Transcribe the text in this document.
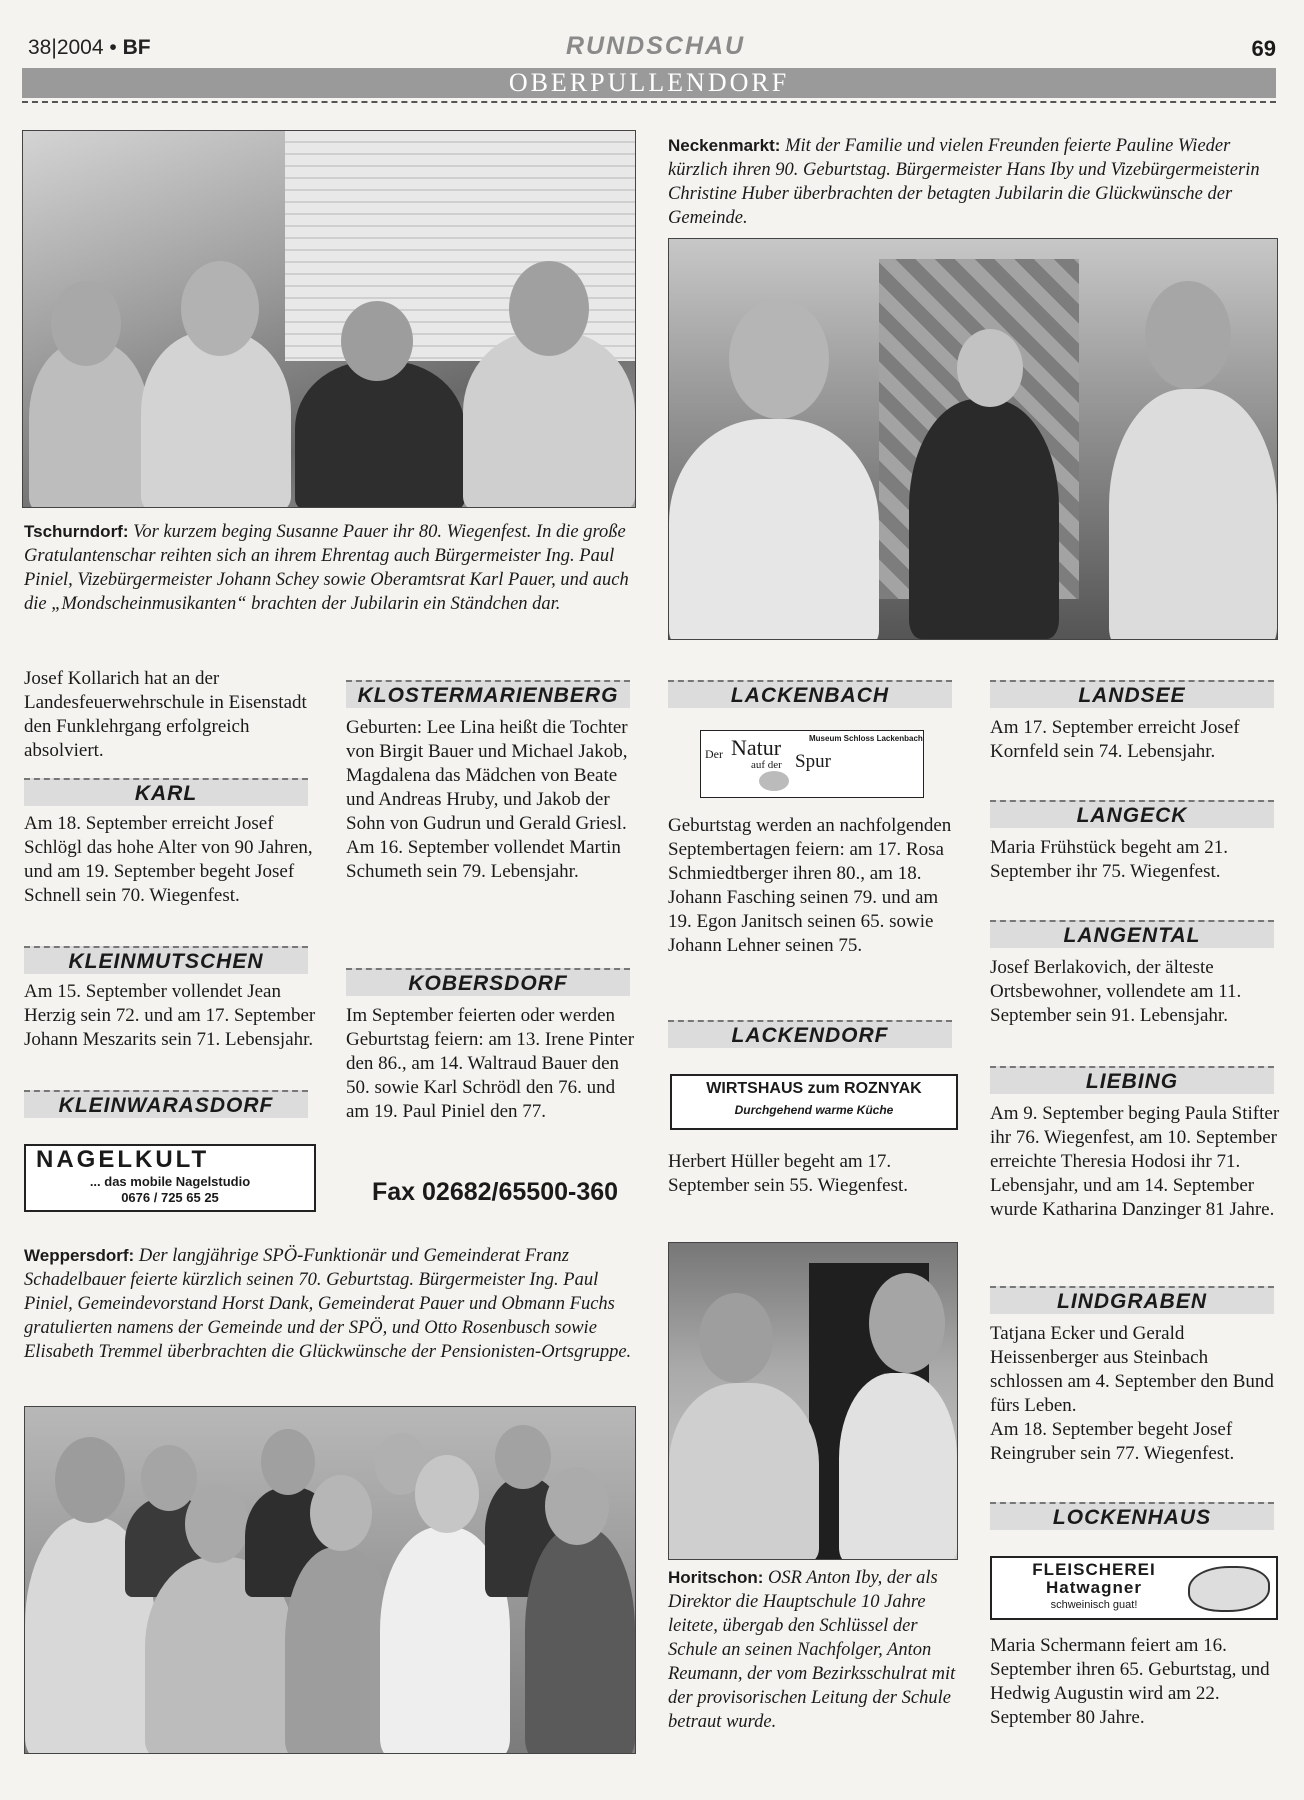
38|2004 • BF	RUNDSCHAU	69
OBERPULLENDORF
Tschurndorf: Vor kurzem beging Susanne Pauer ihr 80. Wiegenfest. In die große Gratulantenschar reihten sich an ihrem Ehrentag auch Bürgermeister Ing. Paul Piniel, Vizebürgermeister Johann Schey sowie Oberamtsrat Karl Pauer, und auch die „Mondscheinmusikanten“ brachten der Jubilarin ein Ständchen dar.
Neckenmarkt: Mit der Familie und vielen Freunden feierte Pauline Wieder kürzlich ihren 90. Geburtstag. Bürgermeister Hans Iby und Vizebürgermeisterin Christine Huber überbrachten der betagten Jubilarin die Glückwünsche der Gemeinde.
Josef Kollarich hat an der Landesfeuerwehrschule in Eisenstadt den Funklehrgang erfolgreich absolviert.
KARL
Am 18. September erreicht Josef Schlögl das hohe Alter von 90 Jahren, und am 19. September begeht Josef Schnell sein 70. Wiegenfest.
KLEINMUTSCHEN
Am 15. September vollendet Jean Herzig sein 72. und am 17. September Johann Meszarits sein 71. Lebensjahr.
KLEINWARASDORF
NAGELKULT
... das mobile Nagelstudio
0676 / 725 65 25
KLOSTERMARIENBERG
Geburten: Lee Lina heißt die Tochter von Birgit Bauer und Michael Jakob, Magdalena das Mädchen von Beate und Andreas Hruby, und Jakob der Sohn von Gudrun und Gerald Griesl.
Am 16. September vollendet Martin Schumeth sein 79. Lebensjahr.
KOBERSDORF
Im September feierten oder werden Geburtstag feiern: am 13. Irene Pinter den 86., am 14. Waltraud Bauer den 50. sowie Karl Schrödl den 76. und am 19. Paul Piniel den 77.
Fax 02682/65500-360
LACKENBACH
Der Natur
auf der Spur
Museum Schloss Lackenbach
Geburtstag werden an nachfolgenden Septembertagen feiern: am 17. Rosa Schmiedtberger ihren 80., am 18. Johann Fasching seinen 79. und am 19. Egon Janitsch seinen 65. sowie Johann Lehner seinen 75.
LACKENDORF
WIRTSHAUS zum ROZNYAK
Durchgehend warme Küche
Herbert Hüller begeht am 17. September sein 55. Wiegenfest.
Horitschon: OSR Anton Iby, der als Direktor die Hauptschule 10 Jahre leitete, übergab den Schlüssel der Schule an seinen Nachfolger, Anton Reumann, der vom Bezirksschulrat mit der provisorischen Leitung der Schule betraut wurde.
LANDSEE
Am 17. September erreicht Josef Kornfeld sein 74. Lebensjahr.
LANGECK
Maria Frühstück begeht am 21. September ihr 75. Wiegenfest.
LANGENTAL
Josef Berlakovich, der älteste Ortsbewohner, vollendete am 11. September sein 91. Lebensjahr.
LIEBING
Am 9. September beging Paula Stifter ihr 76. Wiegenfest, am 10. September erreichte Theresia Hodosi ihr 71. Lebensjahr, und am 14. September wurde Katharina Danzinger 81 Jahre.
LINDGRABEN
Tatjana Ecker und Gerald Heissenberger aus Steinbach schlossen am 4. September den Bund fürs Leben.
Am 18. September begeht Josef Reingruber sein 77. Wiegenfest.
LOCKENHAUS
FLEISCHEREI
Hatwagner
schweinisch guat!
Maria Schermann feiert am 16. September ihren 65. Geburtstag, und Hedwig Augustin wird am 22. September 80 Jahre.
Weppersdorf: Der langjährige SPÖ-Funktionär und Gemeinderat Franz Schadelbauer feierte kürzlich seinen 70. Geburtstag. Bürgermeister Ing. Paul Piniel, Gemeindevorstand Horst Dank, Gemeinderat Pauer und Obmann Fuchs gratulierten namens der Gemeinde und der SPÖ, und Otto Rosenbusch sowie Elisabeth Tremmel überbrachten die Glückwünsche der Pensionisten-Ortsgruppe.
